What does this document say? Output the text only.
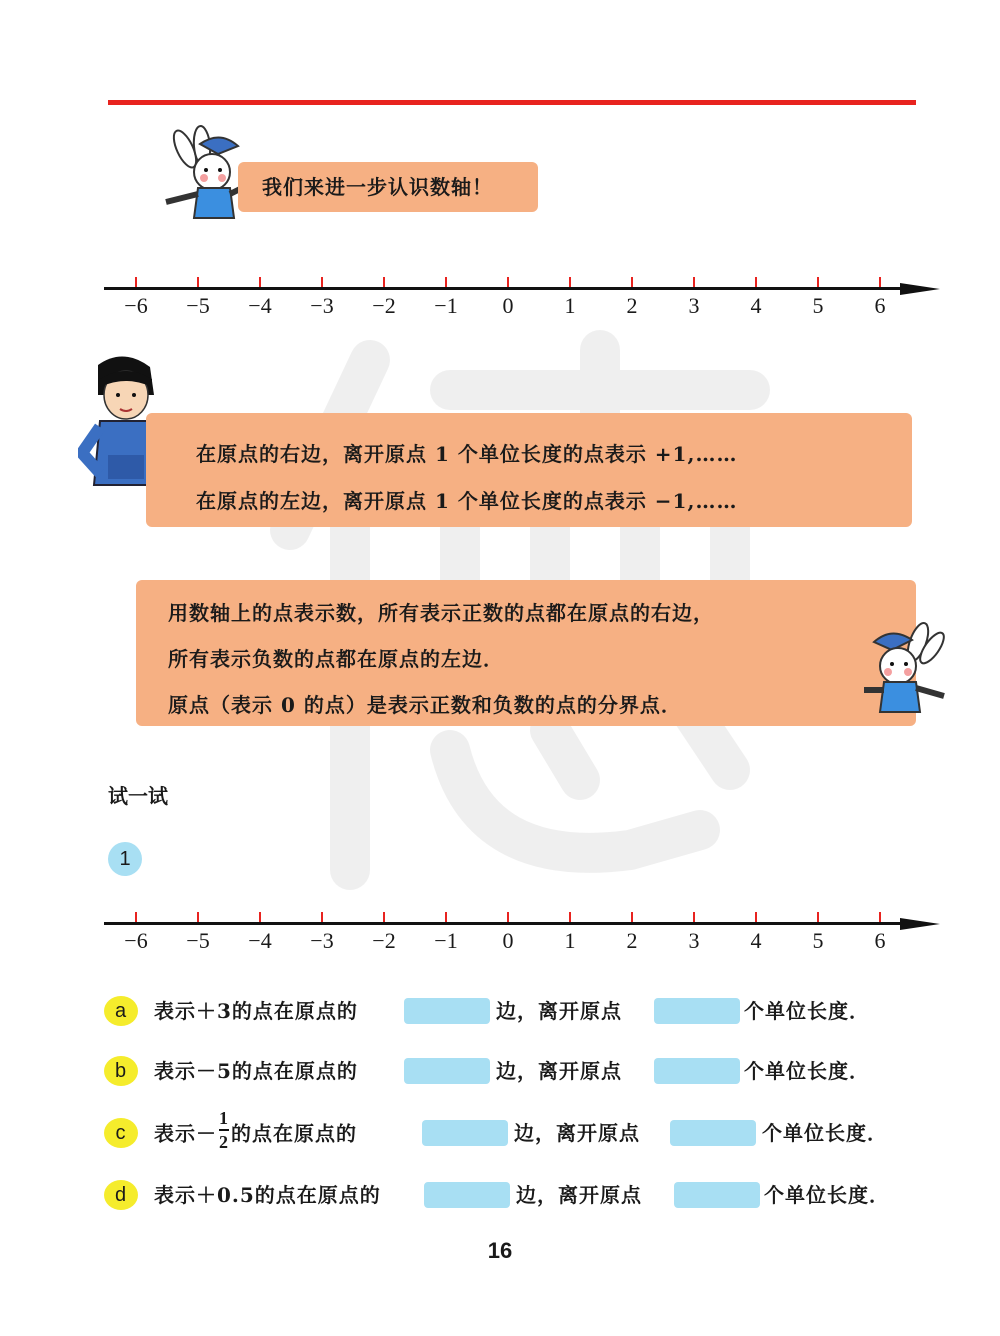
我们来进一步认识数轴！
−6	−5	−4	−3	−2	−1	0	1	2	3	4	5	6
在原点的右边，离开原点 1 个单位长度的点表示 +1,……
在原点的左边，离开原点 1 个单位长度的点表示 −1,……
用数轴上的点表示数，所有表示正数的点都在原点的右边，
所有表示负数的点都在原点的左边．
原点（表示 0 的点）是表示正数和负数的点的分界点．
试一试
1
−6	−5	−4	−3	−2	−1	0	1	2	3	4	5	6
a	表示＋3的点在原点的	边，离开原点	个单位长度．
b	表示－5的点在原点的	边，离开原点	个单位长度．
c	表示－ $\frac{1}{2}$ 的点在原点的	边，离开原点	个单位长度．
d	表示＋0.5的点在原点的	边，离开原点	个单位长度．
16
